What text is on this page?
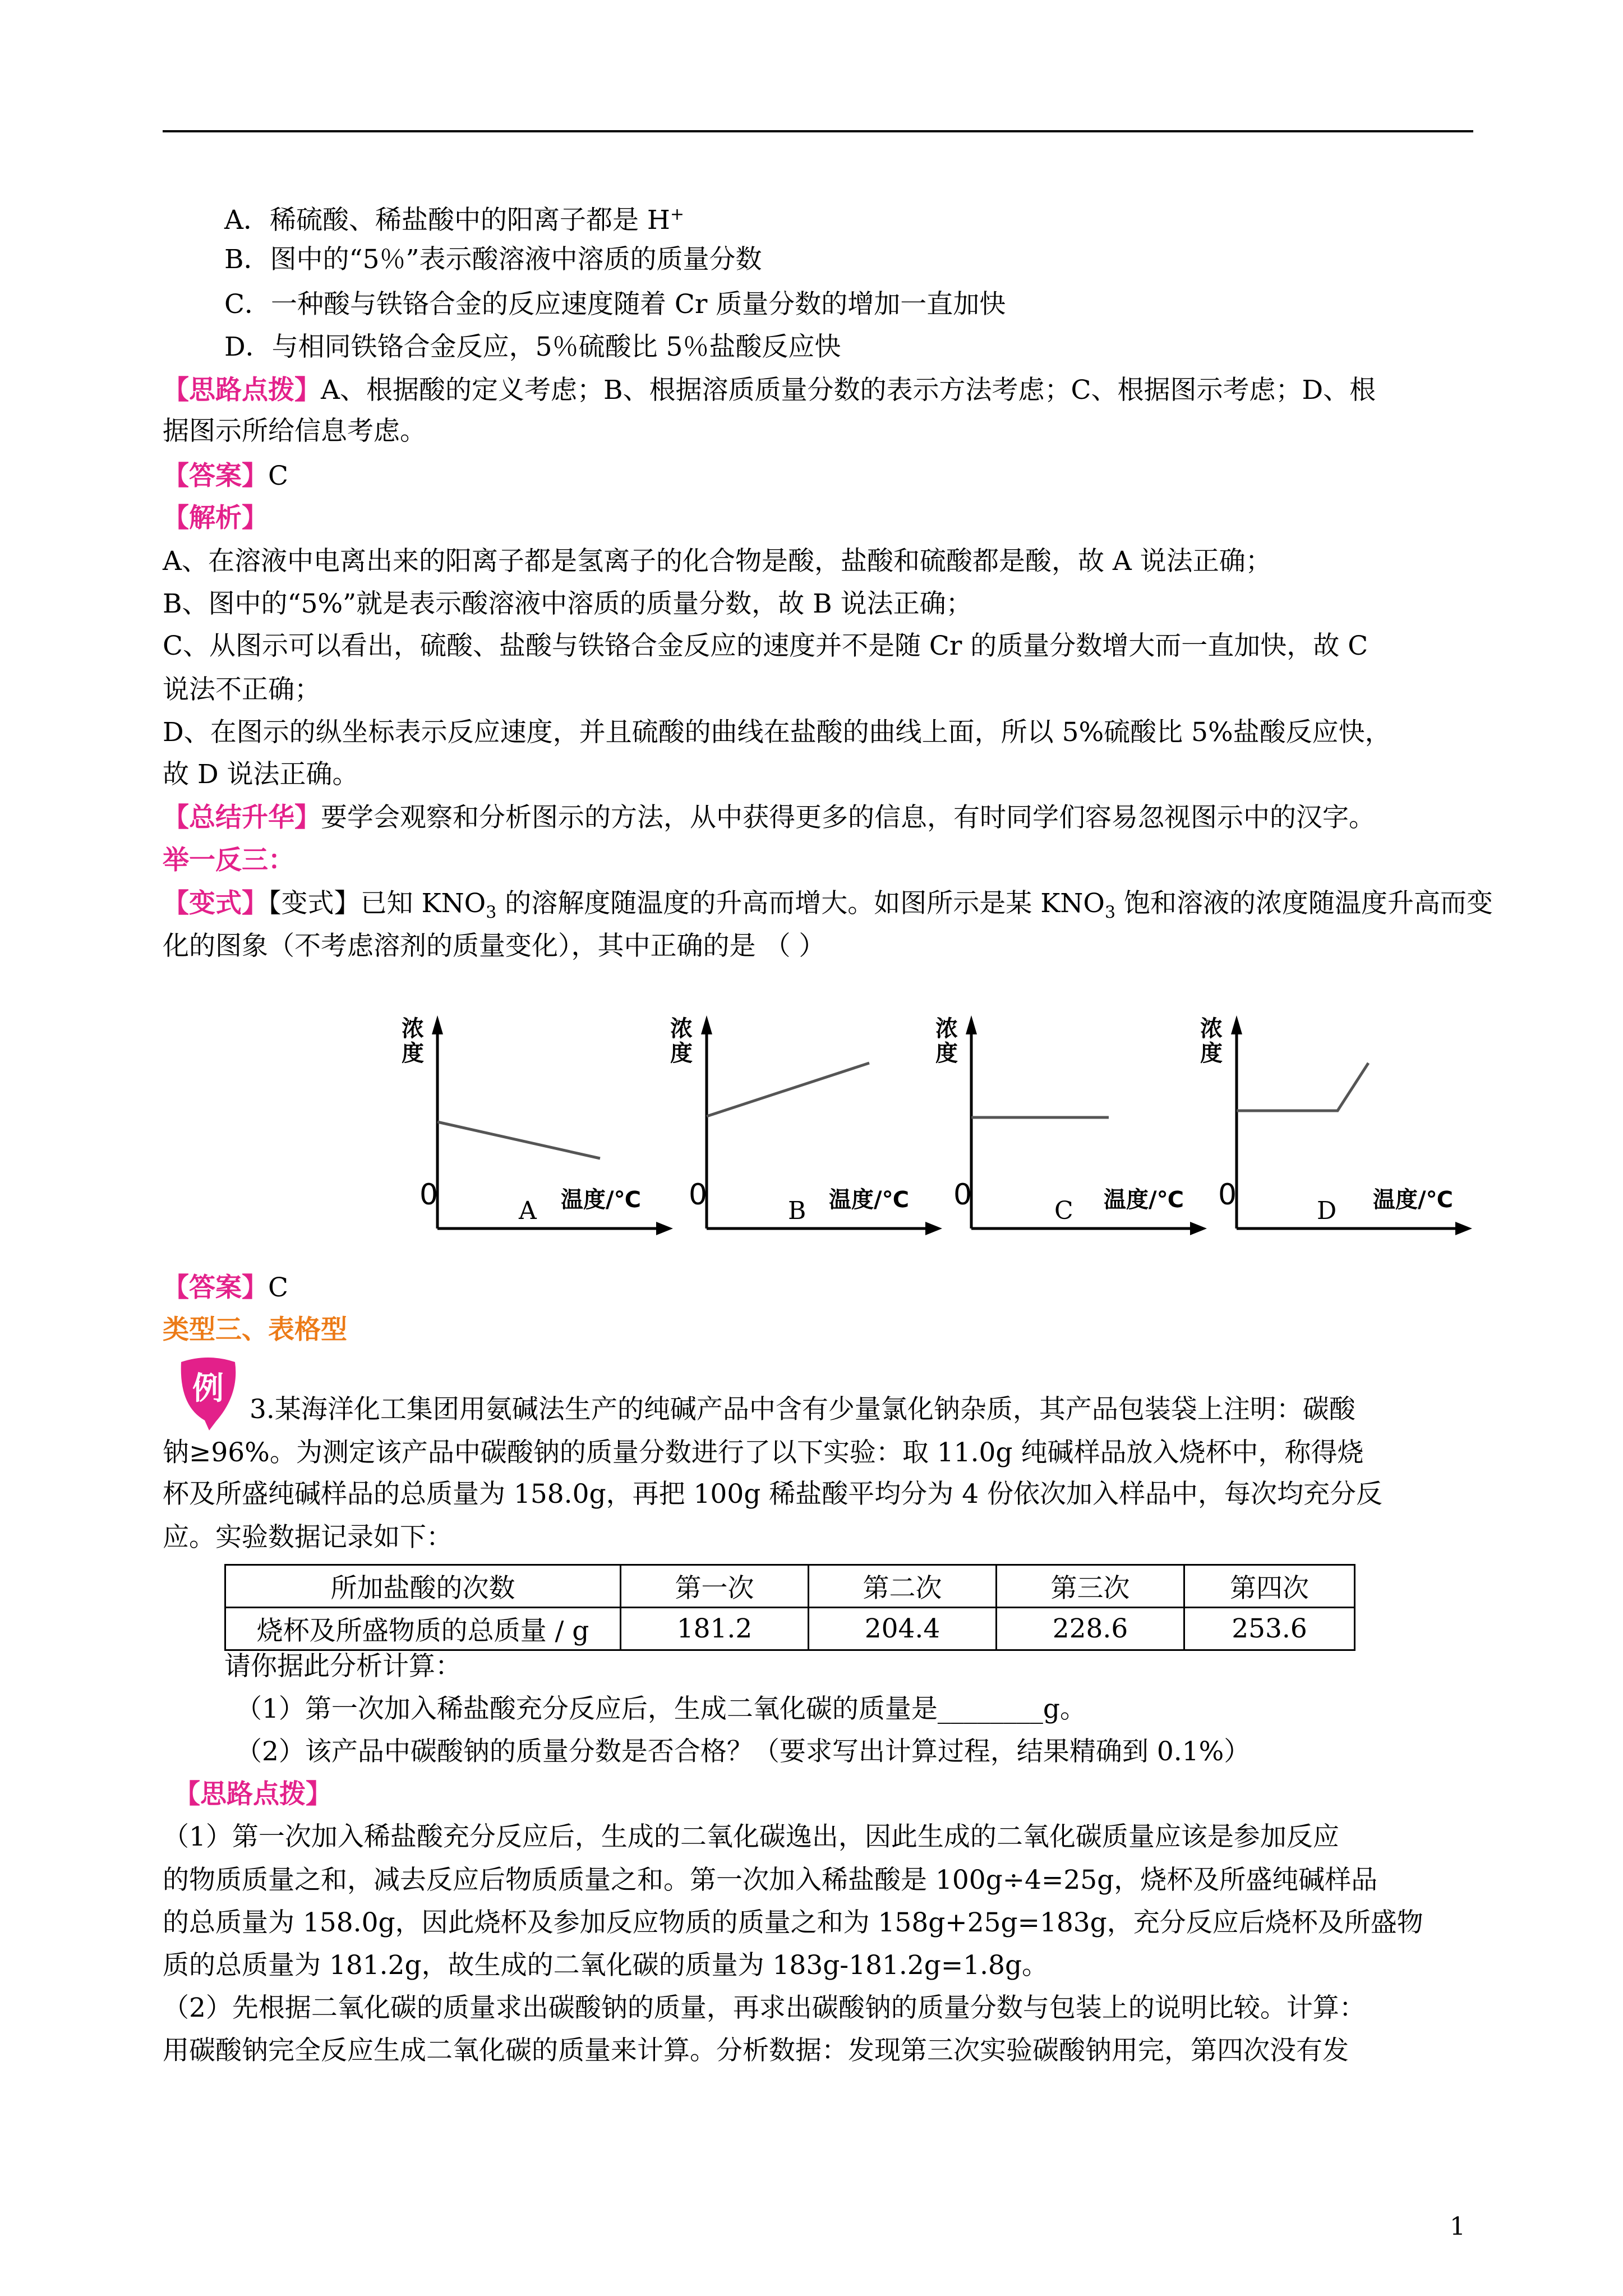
A．稀硫酸、稀盐酸中的阳离子都是 H+
B．图中的“5％”表示酸溶液中溶质的质量分数
C．一种酸与铁铬合金的反应速度随着 Cr 质量分数的增加一直加快
D．与相同铁铬合金反应，5％硫酸比 5％盐酸反应快
【思路点拨】A、根据酸的定义考虑；B、根据溶质质量分数的表示方法考虑；C、根据图示考虑；D、根
据图示所给信息考虑。
【答案】C
【解析】
A、在溶液中电离出来的阳离子都是氢离子的化合物是酸，盐酸和硫酸都是酸，故 A 说法正确；
B、图中的“5%”就是表示酸溶液中溶质的质量分数，故 B 说法正确；
C、从图示可以看出，硫酸、盐酸与铁铬合金反应的速度并不是随 Cr 的质量分数增大而一直加快，故 C
说法不正确；
D、在图示的纵坐标表示反应速度，并且硫酸的曲线在盐酸的曲线上面，所以 5%硫酸比 5%盐酸反应快，
故 D 说法正确。
【总结升华】要学会观察和分析图示的方法，从中获得更多的信息，有时同学们容易忽视图示中的汉字。
举一反三：
【变式】【变式】已知 $KNO_3$ 的溶解度随温度的升高而增大。如图所示是某 $KNO_3$ 饱和溶液的浓度随温度升高而变
化的图象（不考虑溶剂的质量变化），其中正确的是 （ ）
浓
度
0	温度/℃
A
浓
度
0	温度/℃
B
浓
度
0	温度/℃
C
浓
度
0	温度/℃
D
【答案】C
类型三、表格型
例
3.某海洋化工集团用氨碱法生产的纯碱产品中含有少量氯化钠杂质，其产品包装袋上注明：碳酸
钠≥96%。为测定该产品中碳酸钠的质量分数进行了以下实验：取 11.0g 纯碱样品放入烧杯中，称得烧
杯及所盛纯碱样品的总质量为 158.0g，再把 100g 稀盐酸平均分为 4 份依次加入样品中，每次均充分反
应。实验数据记录如下：
所加盐酸的次数	第一次	第二次	第三次	第四次
烧杯及所盛物质的总质量 / g	181.2	204.4	228.6	253.6
请你据此分析计算：
（1）第一次加入稀盐酸充分反应后，生成二氧化碳的质量是________g。
（2）该产品中碳酸钠的质量分数是否合格？（要求写出计算过程，结果精确到 0.1%）
【思路点拨】
（1）第一次加入稀盐酸充分反应后，生成的二氧化碳逸出，因此生成的二氧化碳质量应该是参加反应
的物质质量之和，减去反应后物质质量之和。第一次加入稀盐酸是 100g÷4=25g，烧杯及所盛纯碱样品
的总质量为 158.0g，因此烧杯及参加反应物质的质量之和为 158g+25g=183g，充分反应后烧杯及所盛物
质的总质量为 181.2g，故生成的二氧化碳的质量为 183g-181.2g=1.8g。
（2）先根据二氧化碳的质量求出碳酸钠的质量，再求出碳酸钠的质量分数与包装上的说明比较。计算：
用碳酸钠完全反应生成二氧化碳的质量来计算。分析数据：发现第三次实验碳酸钠用完，第四次没有发
1
